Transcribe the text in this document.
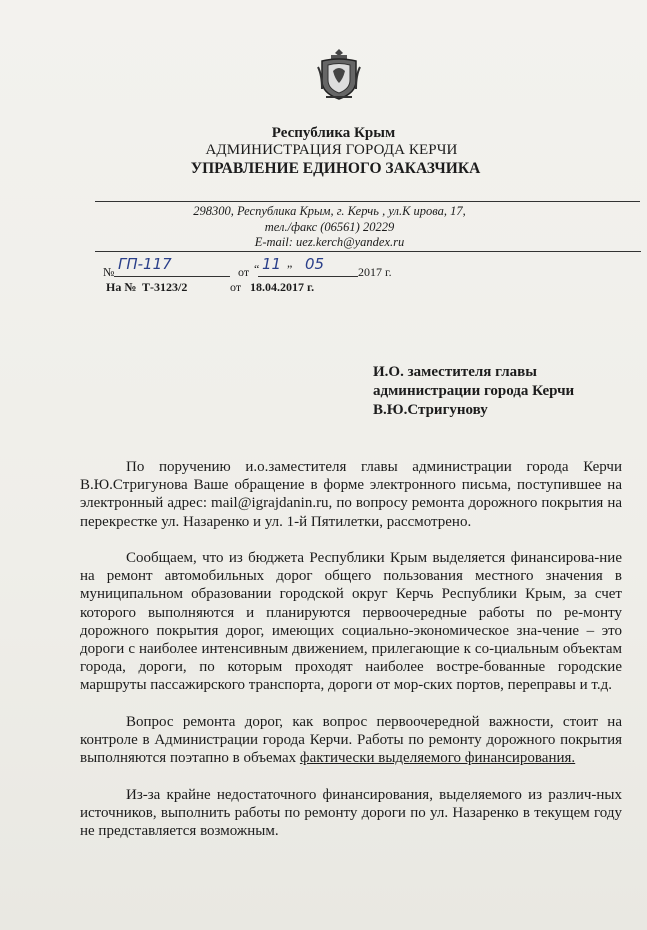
Республика Крым
АДМИНИСТРАЦИЯ ГОРОДА КЕРЧИ
УПРАВЛЕНИЕ ЕДИНОГО ЗАКАЗЧИКА
298300, Республика Крым, г. Керчь , ул.К ирова, 17,
тел./факс (06561) 20229
E-mail: uez.kerch@yandex.ru
№ ГП-117	от “ 11 ” 05	2017 г.
На № Т-3123/2	от 18.04.2017 г.
И.О. заместителя главы
администрации города Керчи
В.Ю.Стригунову

По поручению и.о.заместителя главы администрации города Керчи В.Ю.Стригунова Ваше обращение в форме электронного письма, поступившее на электронный адрес: mail@igrajdanin.ru, по вопросу ремонта дорожного покрытия на перекрестке ул. Назаренко и ул. 1-й Пятилетки, рассмотрено.

Сообщаем, что из бюджета Республики Крым выделяется финансирова-ние на ремонт автомобильных дорог общего пользования местного значения в муниципальном образовании городской округ Керчь Республики Крым, за счет которого выполняются и планируются первоочередные работы по ре-монту дорожного покрытия дорог, имеющих социально-экономическое зна-чение – это дороги с наиболее интенсивным движением, прилегающие к со-циальным объектам города, дороги, по которым проходят наиболее востре-бованные городские маршруты пассажирского транспорта, дороги от мор-ских портов, переправы и т.д.

Вопрос ремонта дорог, как вопрос первоочередной важности, стоит на контроле в Администрации города Керчи. Работы по ремонту дорожного покрытия выполняются поэтапно в объемах фактически выделяемого финансирования.

Из-за крайне недостаточного финансирования, выделяемого из различ-ных источников, выполнить работы по ремонту дороги по ул. Назаренко в текущем году не представляется возможным.
